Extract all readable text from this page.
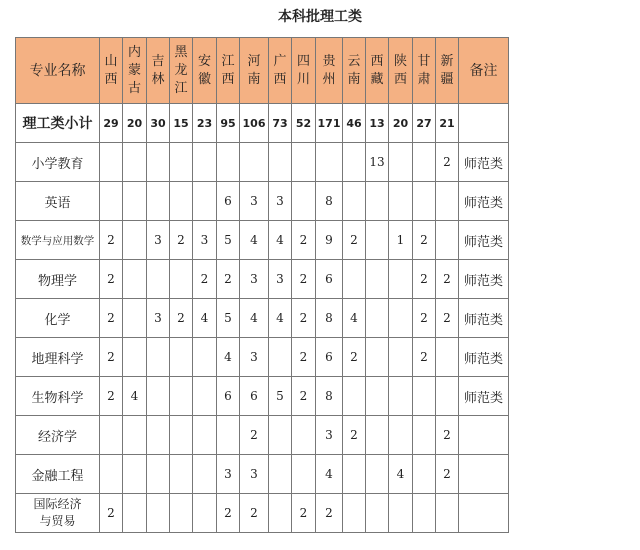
本科批理工类
专业名称	山西	内蒙古	吉林	黑龙江	安徽	江西	河南	广西	四川	贵州	云南	西藏	陕西	甘肃	新疆	备注
理工类小计	29	20	30	15	23	95	106	73	52	171	46	13	20	27	21	
小学教育												13			2	师范类
英语						6	3	3		8						师范类
数学与应用数学	2		3	2	3	5	4	4	2	9	2		1	2		师范类
物理学	2				2	2	3	3	2	6				2	2	师范类
化学	2		3	2	4	5	4	4	2	8	4			2	2	师范类
地理科学	2					4	3		2	6	2			2		师范类
生物科学	2	4				6	6	5	2	8						师范类
经济学							2			3	2				2	
金融工程						3	3			4			4		2	
国际经济与贸易	2					2	2		2	2						
